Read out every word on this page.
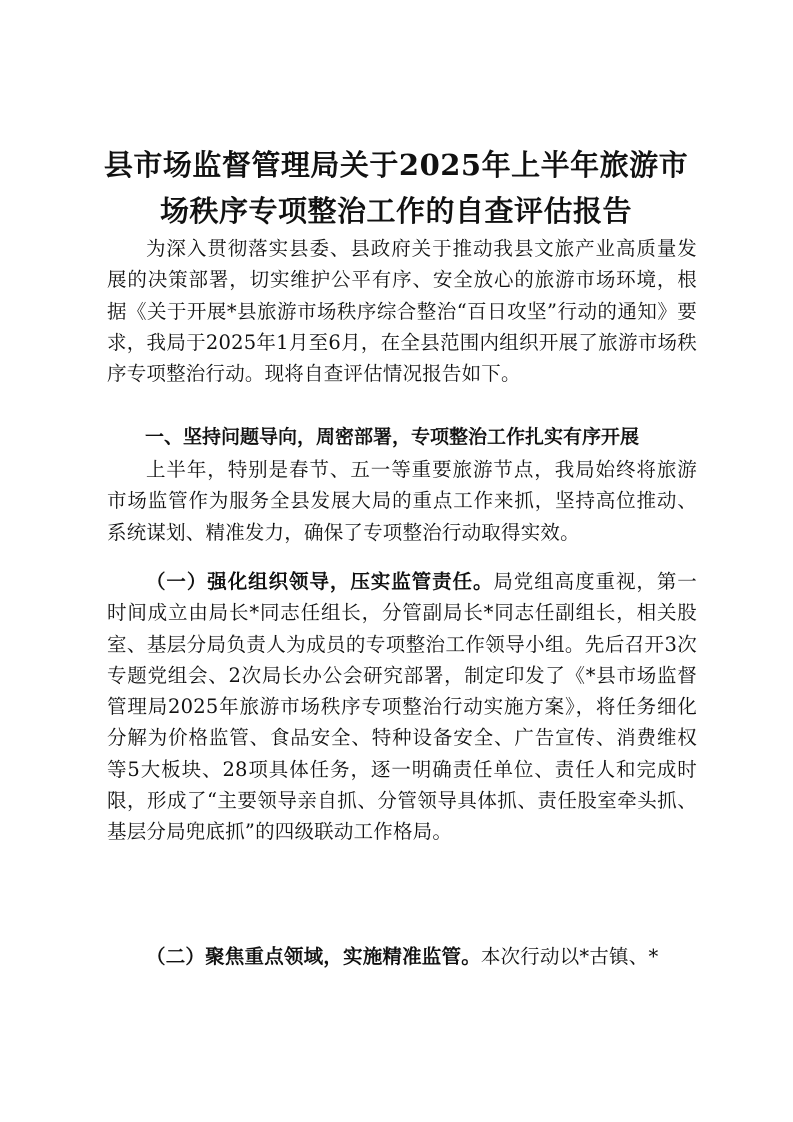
县市场监督管理局关于2025年上半年旅游市
场秩序专项整治工作的自查评估报告

为深入贯彻落实县委、县政府关于推动我县文旅产业高质量发展的决策部署，切实维护公平有序、安全放心的旅游市场环境，根据《关于开展*县旅游市场秩序综合整治“百日攻坚”行动的通知》要求，我局于2025年1月至6月，在全县范围内组织开展了旅游市场秩序专项整治行动。现将自查评估情况报告如下。

一、坚持问题导向，周密部署，专项整治工作扎实有序开展

上半年，特别是春节、五一等重要旅游节点，我局始终将旅游市场监管作为服务全县发展大局的重点工作来抓，坚持高位推动、系统谋划、精准发力，确保了专项整治行动取得实效。

（一）强化组织领导，压实监管责任。局党组高度重视，第一时间成立由局长*同志任组长，分管副局长*同志任副组长，相关股室、基层分局负责人为成员的专项整治工作领导小组。先后召开3次专题党组会、2次局长办公会研究部署，制定印发了《*县市场监督管理局2025年旅游市场秩序专项整治行动实施方案》，将任务细化分解为价格监管、食品安全、特种设备安全、广告宣传、消费维权等5大板块、28项具体任务，逐一明确责任单位、责任人和完成时限，形成了“主要领导亲自抓、分管领导具体抓、责任股室牵头抓、基层分局兜底抓”的四级联动工作格局。

（二）聚焦重点领域，实施精准监管。本次行动以*古镇、*
